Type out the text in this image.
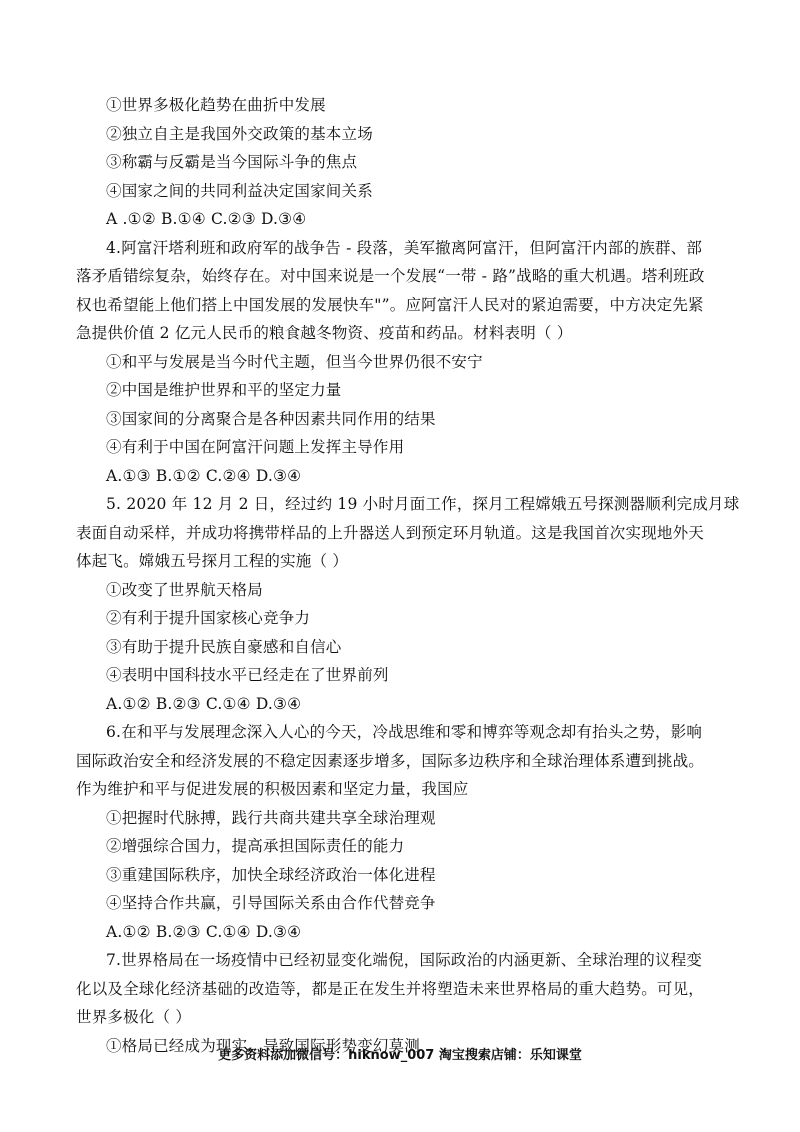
①世界多极化趋势在曲折中发展
②独立自主是我国外交政策的基本立场
③称霸与反霸是当今国际斗争的焦点
④国家之间的共同利益决定国家间关系
A .①② B.①④ C.②③ D.③④
4.阿富汗塔利班和政府军的战争告 - 段落，美军撤离阿富汗，但阿富汗内部的族群、部
落矛盾错综复杂，始终存在。对中国来说是一个发展“一带 - 路”战略的重大机遇。塔利班政
权也希望能上他们搭上中国发展的发展快车"”。应阿富汗人民对的紧迫需要，中方决定先紧
急提供价值 2 亿元人民币的粮食越冬物资、疫苗和药品。材料表明（ ）
①和平与发展是当今时代主题，但当今世界仍很不安宁
②中国是维护世界和平的坚定力量
③国家间的分离聚合是各种因素共同作用的结果
④有利于中国在阿富汗问题上发挥主导作用
A.①③ B.①② C.②④ D.③④
5. 2020 年 12 月 2 日，经过约 19 小时月面工作，探月工程嫦娥五号探测器顺利完成月球
表面自动采样，并成功将携带样品的上升器送人到预定环月轨道。这是我国首次实现地外天
体起飞。嫦娥五号探月工程的实施（ ）
①改变了世界航天格局
②有利于提升国家核心竞争力
③有助于提升民族自豪感和自信心
④表明中国科技水平已经走在了世界前列
A.①② B.②③ C.①④ D.③④
6.在和平与发展理念深入人心的今天，冷战思维和零和博弈等观念却有抬头之势，影响
国际政治安全和经济发展的不稳定因素逐步增多，国际多边秩序和全球治理体系遭到挑战。
作为维护和平与促进发展的积极因素和坚定力量，我国应
①把握时代脉搏，践行共商共建共享全球治理观
②增强综合国力，提高承担国际责任的能力
③重建国际秩序，加快全球经济政治一体化进程
④坚持合作共赢，引导国际关系由合作代替竞争
A.①② B.②③ C.①④ D.③④
7.世界格局在一场疫情中已经初显变化端倪，国际政治的内涵更新、全球治理的议程变
化以及全球化经济基础的改造等，都是正在发生并将塑造未来世界格局的重大趋势。可见，
世界多极化（ ）
①格局已经成为现实，导致国际形势变幻莫测
更多资料添加微信号：hiknow_007 淘宝搜索店铺：乐知课堂
